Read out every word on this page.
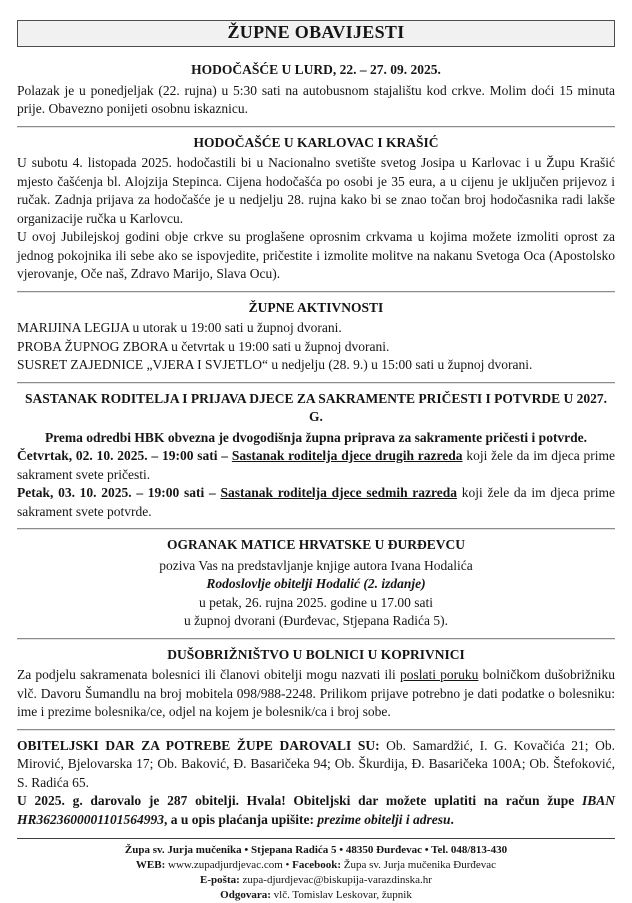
ŽUPNE OBAVIJESTI
HODOČAŠĆE U LURD, 22. – 27. 09. 2025.

Polazak je u ponedjeljak (22. rujna) u 5:30 sati na autobusnom stajalištu kod crkve. Molim doći 15 minuta prije. Obavezno ponijeti osobnu iskaznicu.

HODOČAŠĆE U KARLOVAC I KRAŠIĆ

U subotu 4. listopada 2025. hodočastili bi u Nacionalno svetište svetog Josipa u Karlovac i u Župu Krašić mjesto čašćenja bl. Alojzija Stepinca. Cijena hodočašća po osobi je 35 eura, a u cijenu je uključen prijevoz i ručak. Zadnja prijava za hodočašće je u nedjelju 28. rujna kako bi se znao točan broj hodočasnika radi lakše organizacije ručka u Karlovcu.

U ovoj Jubilejskoj godini obje crkve su proglašene oprosnim crkvama u kojima možete izmoliti oprost za jednog pokojnika ili sebe ako se ispovjedite, pričestite i izmolite molitve na nakanu Svetoga Oca (Apostolsko vjerovanje, Oče naš, Zdravo Marijo, Slava Ocu).

ŽUPNE AKTIVNOSTI
MARIJINA LEGIJA u utorak u 19:00 sati u župnoj dvorani.
PROBA ŽUPNOG ZBORA u četvrtak u 19:00 sati u župnoj dvorani.
SUSRET ZAJEDNICE „VJERA I SVJETLO“ u nedjelju (28. 9.) u 15:00 sati u župnoj dvorani.
SASTANAK RODITELJA I PRIJAVA DJECE ZA SAKRAMENTE PRIČESTI I POTVRDE U 2027. G.
Prema odredbi HBK obvezna je dvogodišnja župna priprava za sakramente pričesti i potvrde.

Četvrtak, 02. 10. 2025. – 19:00 sati – Sastanak roditelja djece drugih razreda koji žele da im djeca prime sakrament svete pričesti.

Petak, 03. 10. 2025. – 19:00 sati – Sastanak roditelja djece sedmih razreda koji žele da im djeca prime sakrament svete potvrde.

OGRANAK MATICE HRVATSKE U ĐURĐEVCU
poziva Vas na predstavljanje knjige autora Ivana Hodalića
Rodoslovlje obitelji Hodalić (2. izdanje)
u petak, 26. rujna 2025. godine u 17.00 sati
u župnoj dvorani (Đurđevac, Stjepana Radića 5).
DUŠOBRIŽNIŠTVO U BOLNICI U KOPRIVNICI

Za podjelu sakramenata bolesnici ili članovi obitelji mogu nazvati ili poslati poruku bolničkom dušobrižniku vlč. Davoru Šumandlu na broj mobitela 098/988-2248. Prilikom prijave potrebno je dati podatke o bolesniku: ime i prezime bolesnika/ce, odjel na kojem je bolesnik/ca i broj sobe.

OBITELJSKI DAR ZA POTREBE ŽUPE DAROVALI SU: Ob. Samardžić, I. G. Kovačića 21; Ob. Mirović, Bjelovarska 17; Ob. Baković, Đ. Basaričeka 94; Ob. Škurdija, Đ. Basaričeka 100A; Ob. Štefoković, S. Radića 65.

U 2025. g. darovalo je 287 obitelji. Hvala! Obiteljski dar možete uplatiti na račun župe IBAN HR3623600001101564993, a u opis plaćanja upišite: prezime obitelji i adresu.

Župa sv. Jurja mučenika • Stjepana Radića 5 • 48350 Đurđevac • Tel. 048/813-430
WEB: www.zupadjurdjevac.com • Facebook: Župa sv. Jurja mučenika Đurđevac
E-pošta: zupa-djurdjevac@biskupija-varazdinska.hr
Odgovara: vlč. Tomislav Leskovar, župnik
